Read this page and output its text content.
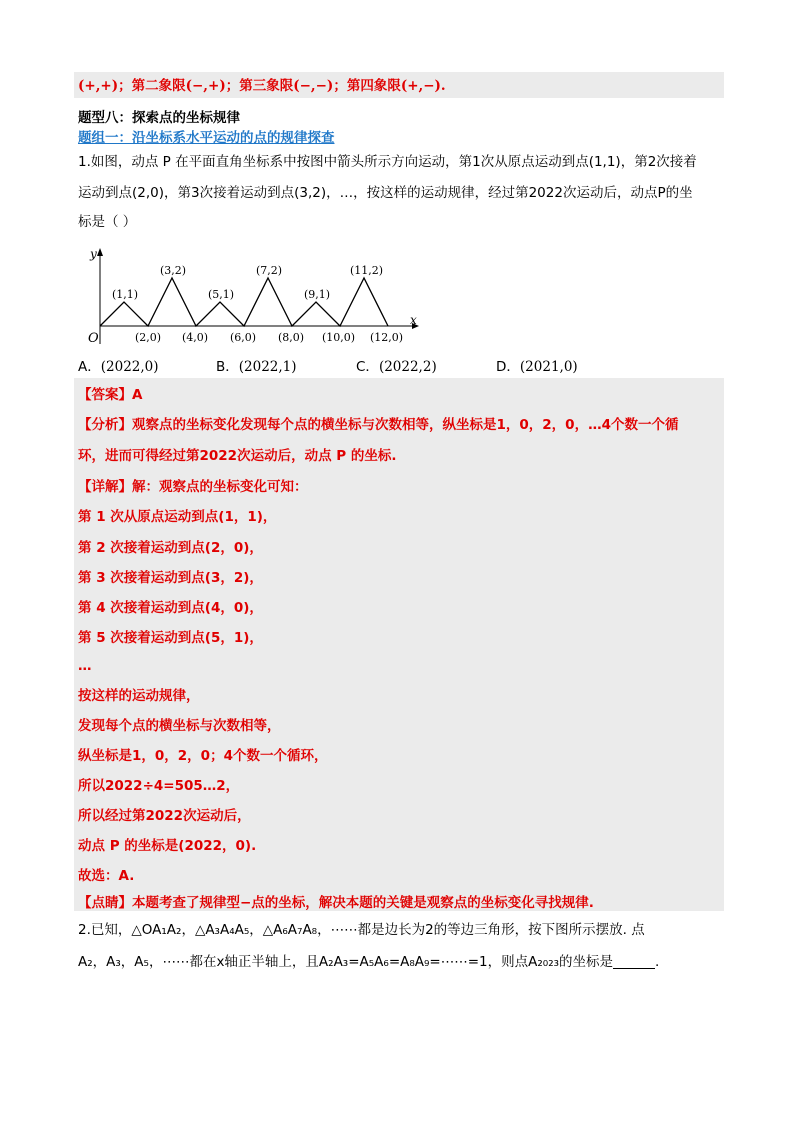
(+,+)；第二象限(−,+)；第三象限(−,−)；第四象限(+,−).
题型八：探索点的坐标规律
题组一：沿坐标系水平运动的点的规律探查
1.如图，动点 P 在平面直角坐标系中按图中箭头所示方向运动，第1次从原点运动到点(1,1)，第2次接着
运动到点(2,0)，第3次接着运动到点(3,2)，…，按这样的运动规律，经过第2022次运动后，动点P的坐
标是（ ）
y
x
O
(1,1)
(3,2)
(5,1)
(7,2)
(9,1)
(11,2)
(2,0) (4,0) (6,0) (8,0) (10,0) (12,0)
A．(2022,0)	B．(2022,1)	C．(2022,2)	D．(2021,0)
【答案】A
【分析】观察点的坐标变化发现每个点的横坐标与次数相等，纵坐标是1，0，2，0，…4个数一个循
环，进而可得经过第2022次运动后，动点 P 的坐标.
【详解】解：观察点的坐标变化可知：
第 1 次从原点运动到点(1，1)，
第 2 次接着运动到点(2，0)，
第 3 次接着运动到点(3，2)，
第 4 次接着运动到点(4，0)，
第 5 次接着运动到点(5，1)，
…
按这样的运动规律，
发现每个点的横坐标与次数相等，
纵坐标是1，0，2，0；4个数一个循环，
所以2022÷4=505…2，
所以经过第2022次运动后，
动点 P 的坐标是(2022，0).
故选：A.
【点睛】本题考查了规律型−点的坐标，解决本题的关键是观察点的坐标变化寻找规律.
2.已知，△OA₁A₂，△A₃A₄A₅，△A₆A₇A₈，⋯⋯都是边长为2的等边三角形，按下图所示摆放. 点
A₂，A₃，A₅，⋯⋯都在x轴正半轴上，且A₂A₃=A₅A₆=A₈A₉=⋯⋯=1，则点A₂₀₂₃的坐标是	.
